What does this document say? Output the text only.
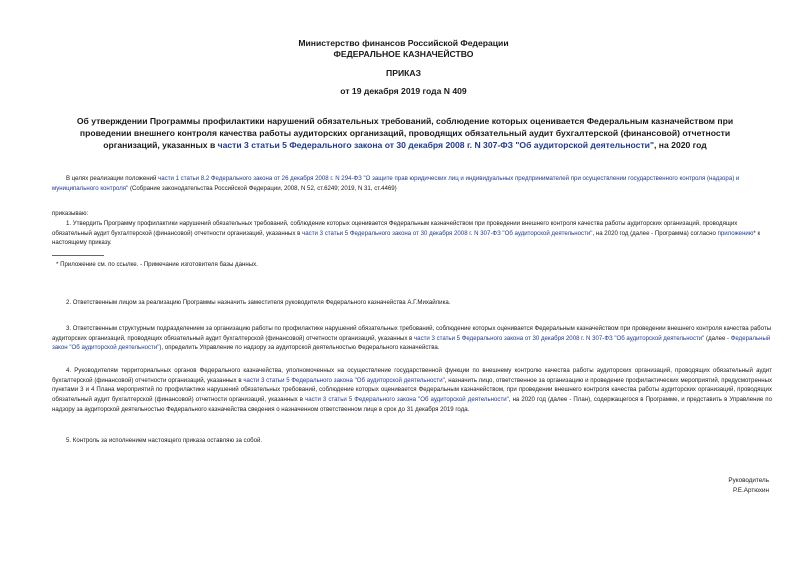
Министерство финансов Российской Федерации
ФЕДЕРАЛЬНОЕ КАЗНАЧЕЙСТВО
ПРИКАЗ
от 19 декабря 2019 года N 409
Об утверждении Программы профилактики нарушений обязательных требований, соблюдение которых оценивается Федеральным казначейством при проведении внешнего контроля качества работы аудиторских организаций, проводящих обязательный аудит бухгалтерской (финансовой) отчетности организаций, указанных в части 3 статьи 5 Федерального закона от 30 декабря 2008 г. N 307-ФЗ "Об аудиторской деятельности", на 2020 год
В целях реализации положений части 1 статьи 8.2 Федерального закона от 26 декабря 2008 г. N 294-ФЗ "О защите прав юридических лиц и индивидуальных предпринимателей при осуществлении государственного контроля (надзора) и муниципального контроля" (Собрание законодательства Российской Федерации, 2008, N 52, ст.6249; 2019, N 31, ст.4469)
приказываю:
1. Утвердить Программу профилактики нарушений обязательных требований, соблюдение которых оценивается Федеральным казначейством при проведении внешнего контроля качества работы аудиторских организаций, проводящих обязательный аудит бухгалтерской (финансовой) отчетности организаций, указанных в части 3 статьи 5 Федерального закона от 30 декабря 2008 г. N 307-ФЗ "Об аудиторской деятельности", на 2020 год (далее - Программа) согласно приложению* к настоящему приказу.
* Приложение см. по ссылке. - Примечание изготовителя базы данных.
2. Ответственным лицом за реализацию Программы назначить заместителя руководителя Федерального казначейства А.Г.Михайлика.
3. Ответственным структурным подразделением за организацию работы по профилактике нарушений обязательных требований, соблюдение которых оценивается Федеральным казначейством при проведении внешнего контроля качества работы аудиторских организаций, проводящих обязательный аудит бухгалтерской (финансовой) отчетности организаций, указанных в части 3 статьи 5 Федерального закона от 30 декабря 2008 г. N 307-ФЗ "Об аудиторской деятельности" (далее - Федеральный закон "Об аудиторской деятельности"), определить Управление по надзору за аудиторской деятельностью Федерального казначейства.
4. Руководителям территориальных органов Федерального казначейства, уполномоченных на осуществление государственной функции по внешнему контролю качества работы аудиторских организаций, проводящих обязательный аудит бухгалтерской (финансовой) отчетности организаций, указанных в части 3 статьи 5 Федерального закона "Об аудиторской деятельности", назначить лицо, ответственное за организацию и проведение профилактических мероприятий, предусмотренных пунктами 3 и 4 Плана мероприятий по профилактике нарушений обязательных требований, соблюдение которых оценивается Федеральным казначейством, при проведении внешнего контроля качества работы аудиторских организаций, проводящих обязательный аудит бухгалтерской (финансовой) отчетности организаций, указанных в части 3 статьи 5 Федерального закона "Об аудиторской деятельности", на 2020 год (далее - План), содержащегося в Программе, и представить в Управление по надзору за аудиторской деятельностью Федерального казначейства сведения о назначенном ответственном лице в срок до 31 декабря 2019 года.
5. Контроль за исполнением настоящего приказа оставляю за собой.
Руководитель
Р.Е.Артюхин
